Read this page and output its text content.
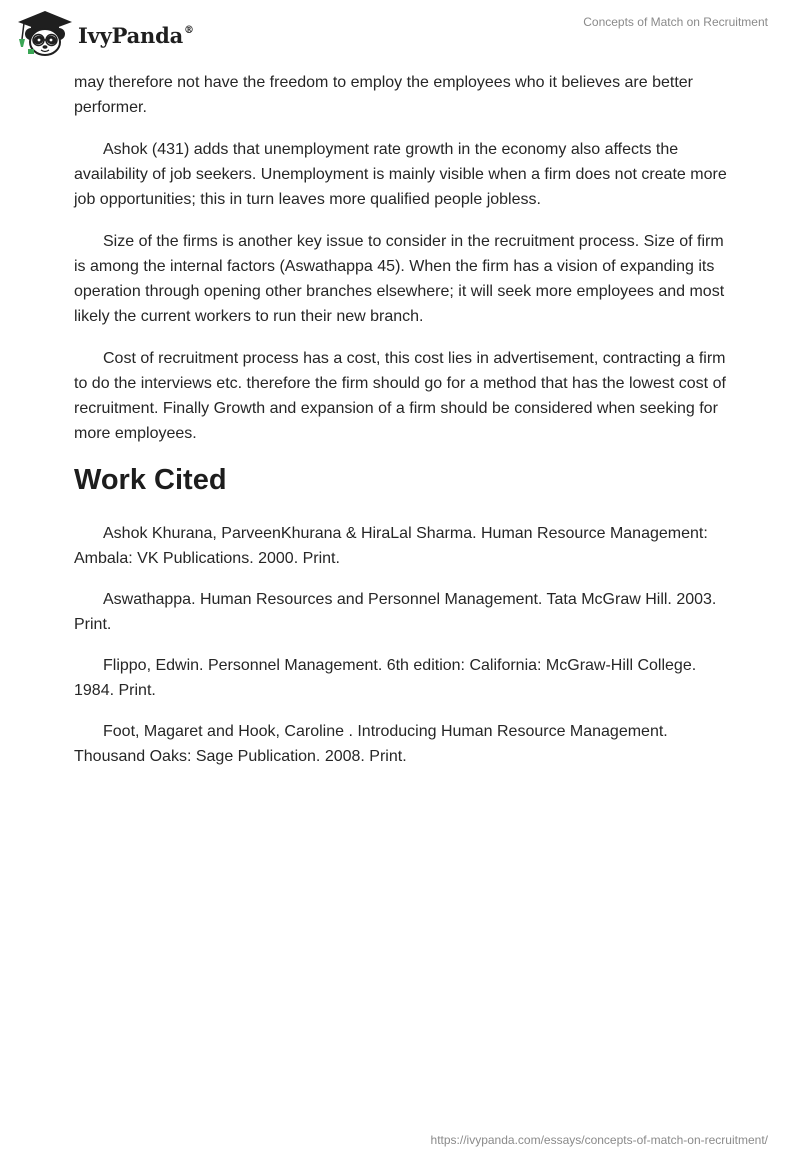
IvyPanda®
Concepts of Match on Recruitment

may therefore not have the freedom to employ the employees who it believes are better performer.

Ashok (431) adds that unemployment rate growth in the economy also affects the availability of job seekers. Unemployment is mainly visible when a firm does not create more job opportunities; this in turn leaves more qualified people jobless.

Size of the firms is another key issue to consider in the recruitment process. Size of firm is among the internal factors (Aswathappa 45). When the firm has a vision of expanding its operation through opening other branches elsewhere; it will seek more employees and most likely the current workers to run their new branch.

Cost of recruitment process has a cost, this cost lies in advertisement, contracting a firm to do the interviews etc. therefore the firm should go for a method that has the lowest cost of recruitment. Finally Growth and expansion of a firm should be considered when seeking for more employees.

Work Cited

Ashok Khurana, ParveenKhurana & HiraLal Sharma. Human Resource Management: Ambala: VK Publications. 2000. Print.

Aswathappa. Human Resources and Personnel Management. Tata McGraw Hill. 2003. Print.

Flippo, Edwin. Personnel Management. 6th edition: California: McGraw-Hill College. 1984. Print.

Foot, Magaret and Hook, Caroline . Introducing Human Resource Management. Thousand Oaks: Sage Publication. 2008. Print.

https://ivypanda.com/essays/concepts-of-match-on-recruitment/
